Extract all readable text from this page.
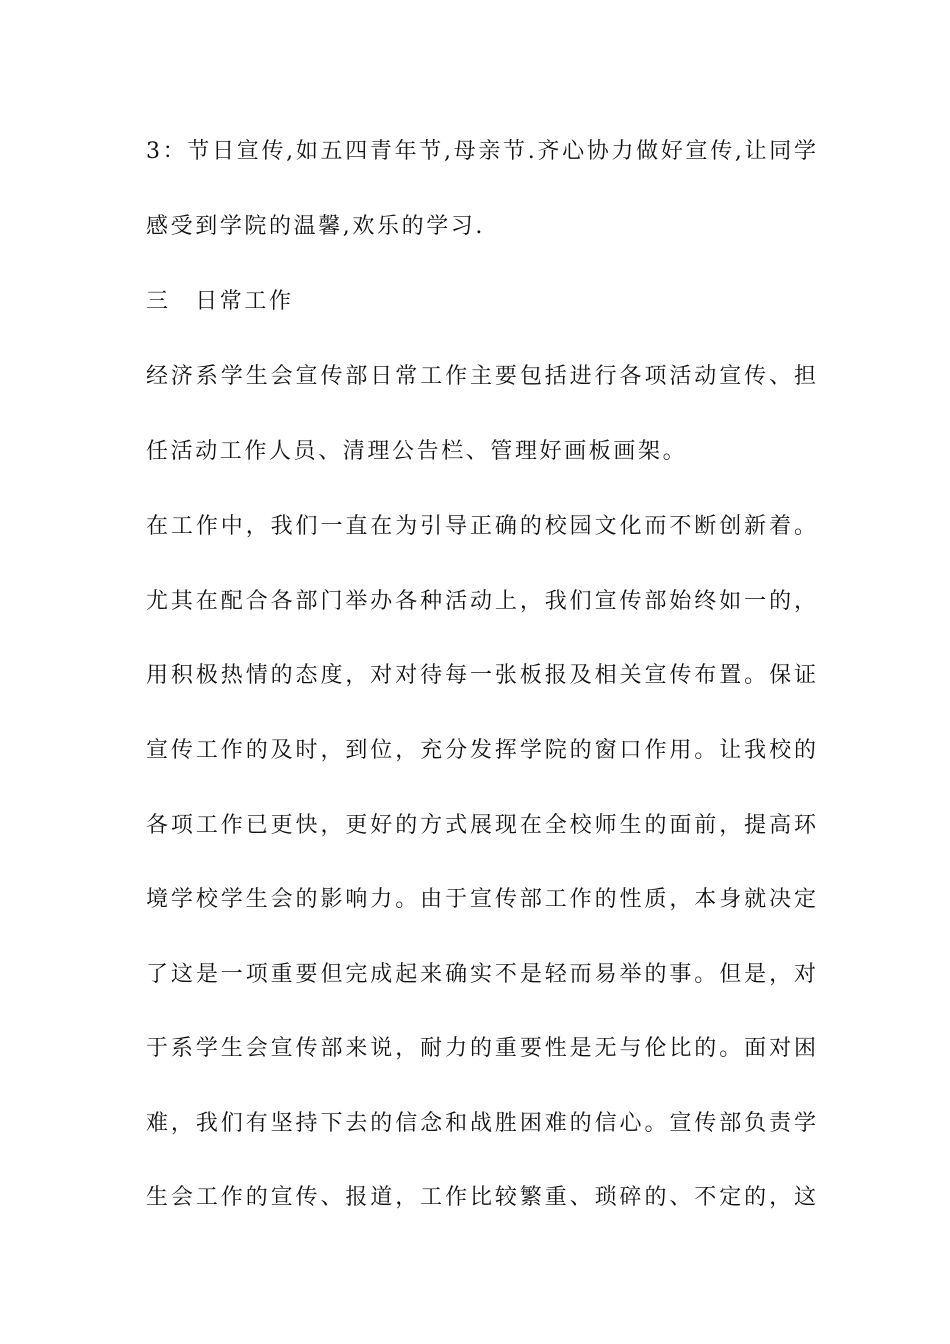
3：节日宣传,如五四青年节,母亲节.齐心协力做好宣传,让同学
感受到学院的温馨,欢乐的学习.
三　日常工作
经济系学生会宣传部日常工作主要包括进行各项活动宣传、担
任活动工作人员、清理公告栏、管理好画板画架。
在工作中，我们一直在为引导正确的校园文化而不断创新着。
尤其在配合各部门举办各种活动上，我们宣传部始终如一的，
用积极热情的态度，对对待每一张板报及相关宣传布置。保证
宣传工作的及时，到位，充分发挥学院的窗口作用。让我校的
各项工作已更快，更好的方式展现在全校师生的面前，提高环
境学校学生会的影响力。由于宣传部工作的性质，本身就决定
了这是一项重要但完成起来确实不是轻而易举的事。但是，对
于系学生会宣传部来说，耐力的重要性是无与伦比的。面对困
难，我们有坚持下去的信念和战胜困难的信心。宣传部负责学
生会工作的宣传、报道，工作比较繁重、琐碎的、不定的，这
